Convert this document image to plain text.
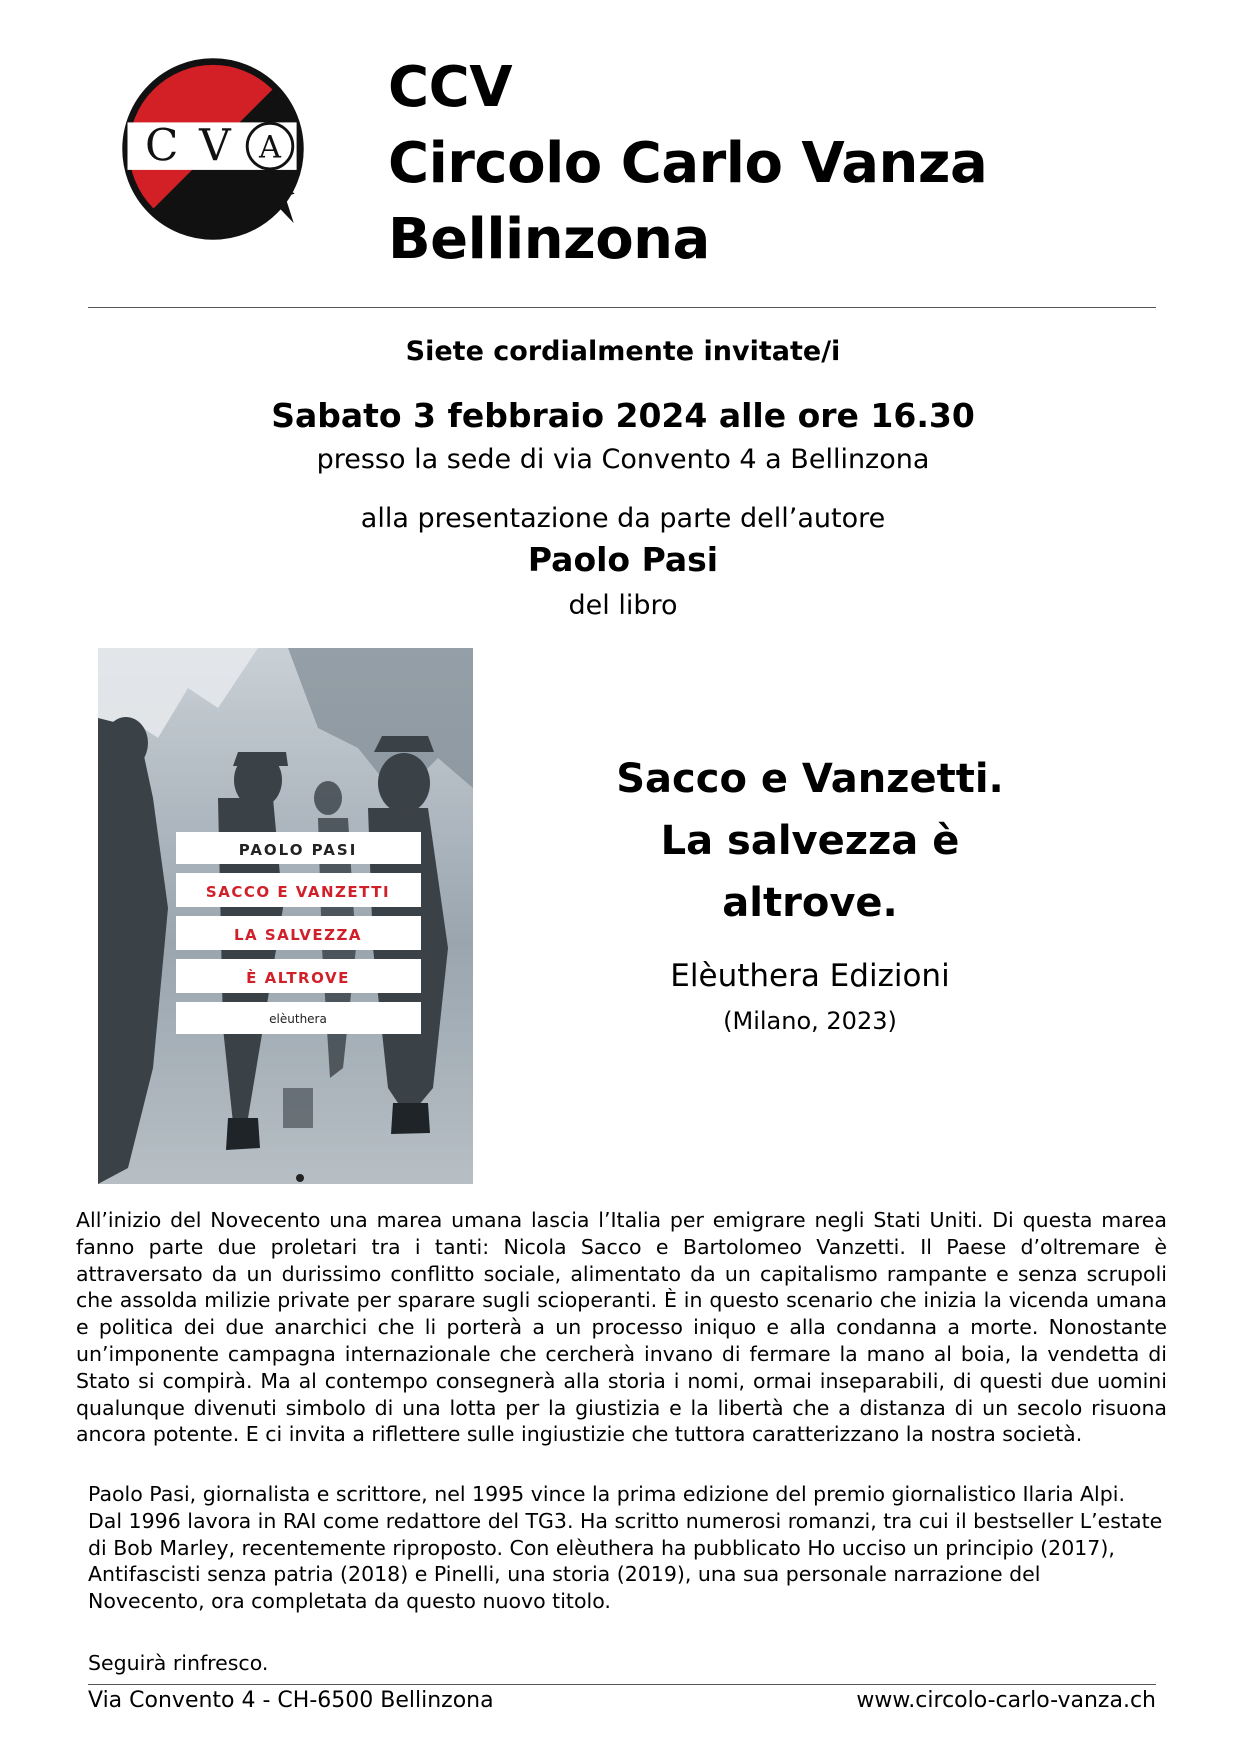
C V A
CCV
Circolo Carlo Vanza
Bellinzona
Siete cordialmente invitate/i
Sabato 3 febbraio 2024 alle ore 16.30
presso la sede di via Convento 4 a Bellinzona
alla presentazione da parte dell’autore
Paolo Pasi
del libro
PAOLO PASI
SACCO E VANZETTI
LA SALVEZZA
È ALTROVE
elèuthera
Sacco e Vanzetti.
La salvezza è
altrove.
Elèuthera Edizioni
(Milano, 2023)
All’inizio del Novecento una marea umana lascia l’Italia per emigrare negli Stati Uniti. Di questa marea fanno parte due proletari tra i tanti: Nicola Sacco e Bartolomeo Vanzetti. Il Paese d’oltremare è attraversato da un durissimo conflitto sociale, alimentato da un capitalismo rampante e senza scrupoli che assolda milizie private per sparare sugli scioperanti. È in questo scenario che inizia la vicenda umana e politica dei due anarchici che li porterà a un processo iniquo e alla condanna a morte. Nonostante un’imponente campagna internazionale che cercherà invano di fermare la mano al boia, la vendetta di Stato si compirà. Ma al contempo consegnerà alla storia i nomi, ormai inseparabili, di questi due uomini qualunque divenuti simbolo di una lotta per la giustizia e la libertà che a distanza di un secolo risuona ancora potente. E ci invita a riflettere sulle ingiustizie che tuttora caratterizzano la nostra società.
Paolo Pasi, giornalista e scrittore, nel 1995 vince la prima edizione del premio giornalistico Ilaria Alpi. Dal 1996 lavora in RAI come redattore del TG3. Ha scritto numerosi romanzi, tra cui il bestseller L’estate di Bob Marley, recentemente riproposto. Con elèuthera ha pubblicato Ho ucciso un principio (2017), Antifascisti senza patria (2018) e Pinelli, una storia (2019), una sua personale narrazione del Novecento, ora completata da questo nuovo titolo.
Seguirà rinfresco.
Via Convento 4 - CH-6500 Bellinzona	www.circolo-carlo-vanza.ch
